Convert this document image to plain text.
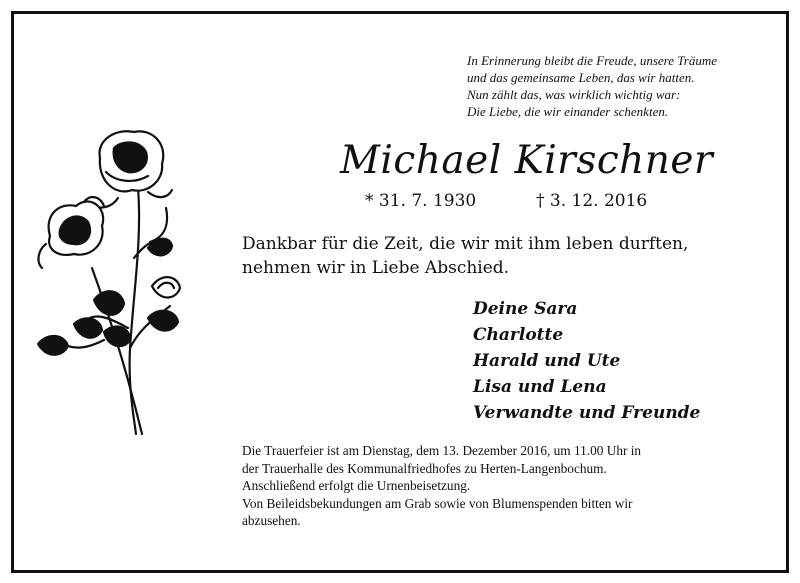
In Erinnerung bleibt die Freude, unsere Träume
und das gemeinsame Leben, das wir hatten.
Nun zählt das, was wirklich wichtig war:
Die Liebe, die wir einander schenkten.
Michael Kirschner
* 31. 7. 1930	† 3. 12. 2016
Dankbar für die Zeit, die wir mit ihm leben durften,
nehmen wir in Liebe Abschied.
Deine Sara
Charlotte
Harald und Ute
Lisa und Lena
Verwandte und Freunde
Die Trauerfeier ist am Dienstag, dem 13. Dezember 2016, um 11.00 Uhr in
der Trauerhalle des Kommunalfriedhofes zu Herten-Langenbochum.
Anschließend erfolgt die Urnenbeisetzung.
Von Beileidsbekundungen am Grab sowie von Blumenspenden bitten wir
abzusehen.
